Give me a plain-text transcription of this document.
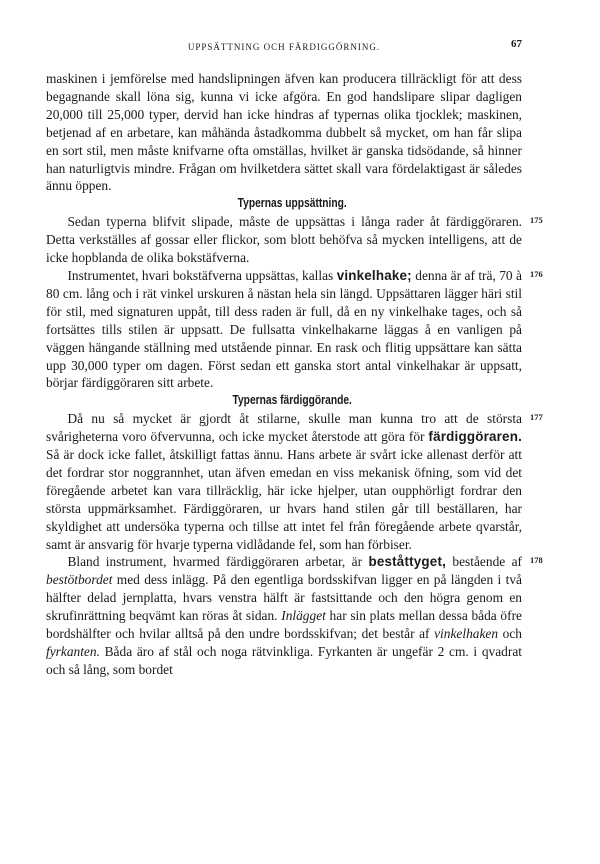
UPPSÄTTNING OCH FÄRDIGGÖRNING.	67

maskinen i jemförelse med handslipningen äfven kan producera tillräckligt för att dess begagnande skall löna sig, kunna vi icke afgöra. En god handslipare slipar dagligen 20,000 till 25,000 typer, dervid han icke hindras af typernas olika tjocklek; maskinen, betjenad af en arbetare, kan måhända åstadkomma dubbelt så mycket, om han får slipa en sort stil, men måste knifvarne ofta omställas, hvilket är ganska tidsödande, så hinner han naturligtvis mindre. Frågan om hvilketdera sättet skall vara fördelaktigast är således ännu öppen.

Typernas uppsättning.

175
Sedan typerna blifvit slipade, måste de uppsättas i långa rader åt färdiggöraren. Detta verkställes af gossar eller flickor, som blott behöfva så mycken intelligens, att de icke hopblanda de olika bokstäfverna.

176
Instrumentet, hvari bokstäfverna uppsättas, kallas vinkelhake; denna är af trä, 70 à 80 cm. lång och i rät vinkel urskuren å nästan hela sin längd. Uppsättaren lägger häri stil för stil, med signaturen uppåt, till dess raden är full, då en ny vinkelhake tages, och så fortsättes tills stilen är uppsatt. De fullsatta vinkelhakarne läggas å en vanligen på väggen hängande ställning med utstående pinnar. En rask och flitig uppsättare kan sätta upp 30,000 typer om dagen. Först sedan ett ganska stort antal vinkelhakar är uppsatt, börjar färdiggöraren sitt arbete.

Typernas färdiggörande.

177
Då nu så mycket är gjordt åt stilarne, skulle man kunna tro att de största svårigheterna voro öfvervunna, och icke mycket återstode att göra för färdiggöraren. Så är dock icke fallet, åtskilligt fattas ännu. Hans arbete är svårt icke allenast derför att det fordrar stor noggrannhet, utan äfven emedan en viss mekanisk öfning, som vid det föregående arbetet kan vara tillräcklig, här icke hjelper, utan oupphörligt fordrar den största uppmärksamhet. Färdiggöraren, ur hvars hand stilen går till beställaren, har skyldighet att undersöka typerna och tillse att intet fel från föregående arbete qvarstår, samt är ansvarig för hvarje typerna vidlådande fel, som han förbiser.

178
Bland instrument, hvarmed färdiggöraren arbetar, är beståttyget, bestående af bestötbordet med dess inlägg. På den egentliga bordsskifvan ligger en på längden i två hälfter delad jernplatta, hvars venstra hälft är fastsittande och den högra genom en skrufinrättning beqvämt kan röras åt sidan. Inlägget har sin plats mellan dessa båda öfre bordshälfter och hvilar alltså på den undre bordsskifvan; det består af vinkelhaken och fyrkanten. Båda äro af stål och noga rätvinkliga. Fyrkanten är ungefär 2 cm. i qvadrat och så lång, som bordet
